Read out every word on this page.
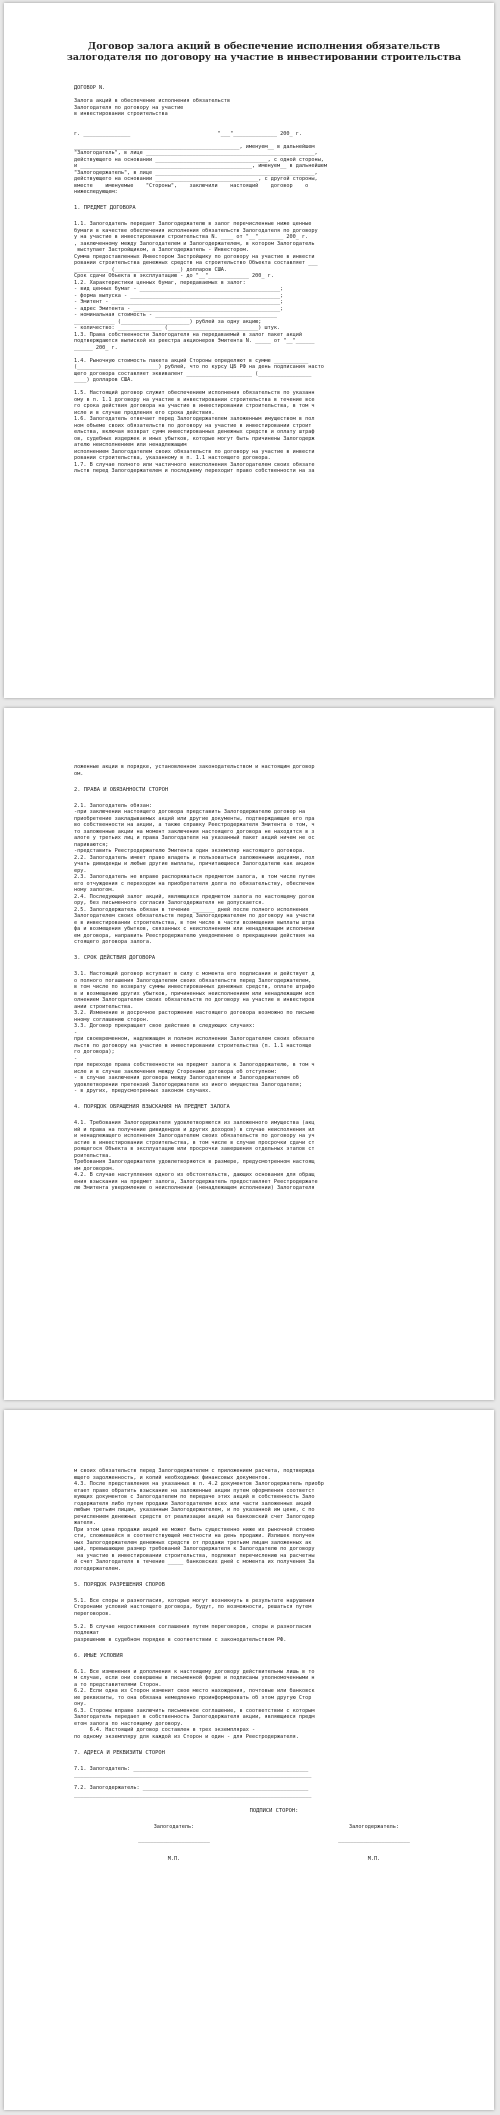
Договор залога акций в обеспечение исполнения обязательств залогодателя по договору на участие в инвестировании строительства
ДОГОВОР N.
Залога акций в обеспечение исполнения обязательств
Залогодателя по договору на участие
в инвестировании строительства
г. _______________                            "___"______________ 200_ г.
_____________________________________________________, именуем__ в дальнейшем
"Залогодатель", в лице ______________________________________________________,
действующего на основании ____________________________________, с одной стороны,
и _______________________________________________________, именуем__ в дальнейшем
"Залогодержатель", в лице ___________________________________________________,
действующего на основании _________________________________, с другой стороны,
вместе    именуемые    "Стороны",    заключили    настоящий    договор    о
нижеследующем:
1. ПРЕДМЕТ ДОГОВОРА
1.1. Залогодатель передает Залогодержателю в залог перечисленные ниже ценные
бумаги в качестве обеспечения исполнения обязательств Залогодателя по договору
у на участие в инвестировании строительства N. ____ от "__"________ 200_ г.
, заключенному между Залогодателем и Залогодержателем, в котором Залогодатель
выступает Застройщиком, а Залогодержатель - Инвестором.
Сумма предоставленных Инвестором Застройщику по договору на участие в инвести
ровании строительства денежных средств на строительство Объекта составляет ___
___________ (_____________________) долларов США.
Срок сдачи Объекта в эксплуатацию - до "__"_____________ 200_ г.
1.2. Характеристики ценных бумаг, передаваемых в залог:
- вид ценных бумаг - _____________________________________________;
- форма выпуска - ________________________________________________;
- Эмитент - ______________________________________________________;
- адрес Эмитента - _______________________________________________;
- номинальная стоимость - _______________________________________
_____________ (______________________) рублей за одну акцию;
- количество: ______________ (_____________________________) штук.
1.3. Права собственности Залогодателя на передаваемый в залог пакет акций
подтверждаются выпиской из реестра акционеров Эмитента N. _____ от "__"______
______ 200_ г.

1.4. Рыночную стоимость пакета акций Стороны определяют в сумме ___________
(__________________________) рублей, что по курсу ЦБ РФ на день подписания насто
щего договора составляет эквивалент _____________________ (_________________
____) долларов США.

1.5. Настоящий договор служит обеспечением исполнения обязательств по указанн
ому в п. 1.1 договору на участие в инвестировании строительства в течение все
го срока действия договора на участие в инвестировании строительства, в том ч
исле и в случае продления его срока действия.
1.6. Залогодатель отвечает перед Залогодержателем заложенным имуществом в пол
ном объеме своих обязательств по договору на участие в инвестировании строит
ельства, включая возврат сумм инвестированных денежных средств и оплату штраф
ов, судебных издержек и иных убытков, которые могут быть причинены Залогодерж
ателю неисполнением или ненадлежащим
исполнением Залогодателем своих обязательств по договору на участие в инвести
ровании строительства, указанному в п. 1.1 настоящего договора.
1.7. В случае полного или частичного неисполнения Залогодателем своих обязате
льств перед Залогодержателем и последнему переходит право собственности на за
ложенные акции в порядке, установленном законодательством и настоящим договор
ом.
2. ПРАВА И ОБЯЗАННОСТИ СТОРОН
2.1. Залогодатель обязан:
-при заключении настоящего договора представить Залогодержателю договор на
приобретение закладываемых акций или другие документы, подтверждающие его пра
во собственности на акции, а также справку Реестродержателя Эмитента о том, ч
то заложенные акции на момент заключения настоящего договора не находятся в з
алоге у третьих лиц и права Залогодателя на указанный пакет акций ничем не ос
париваются;
-представить Реестродержателю Эмитента один экземпляр настоящего договора.
2.2. Залогодатель имеет право владеть и пользоваться заложенными акциями, пол
учать дивиденды и любые другие выплаты, причитающиеся Залогодателю как акцион
еру.
2.3. Залогодатель не вправе распоряжаться предметом залога, в том числе путем
его отчуждения с переходом на приобретателя долга по обязательству, обеспечен
ному залогом.
2.4. Последующий залог акций, являющихся предметом залога по настоящему догов
ору, без письменного согласия Залогодержателя не допускается.
2.5. Залогодержатель обязан в течение _______ дней после полного исполнения
Залогодателем своих обязательств перед Залогодержателем по договору на участи
е в инвестировании строительства, в том числе в части возмещения выплаты штра
фа и возмещения убытков, связанных с неисполнением или ненадлежащим исполнени
ем договора, направить Реестродержателю уведомление о прекращении действия на
стоящего договора залога.
3. СРОК ДЕЙСТВИЯ ДОГОВОРА
3.1. Настоящий договор вступает в силу с момента его подписания и действует д
о полного погашения Залогодателем своих обязательств перед Залогодержателем,
в том числе по возврату суммы инвестированных денежных средств, оплате штрафо
в и возмещению других убытков, причиненных неисполнением или ненадлежащим исп
олнением Залогодателем своих обязательств по договору на участие в инвестиров
ании строительства.
3.2. Изменение и досрочное расторжение настоящего договора возможно по письме
нному соглашению сторон.
3.3. Договор прекращает свое действие в следующих случаях:
-
при своевременном, надлежащем и полном исполнении Залогодателем своих обязате
льств по договору на участие в инвестировании строительства (п. 1.1 настояще
го договора);
-
при переходе права собственности на предмет залога к Залогодержателю, в том ч
исле и в случае заключения между Сторонами договора об отступном:
- в случае заключения договора между Залогодателем и Залогодержателем об
удовлетворении претензий Залогодержателя из иного имущества Залогодателя;
- в других, предусмотренных законом случаях.
4. ПОРЯДОК ОБРАЩЕНИЯ ВЗЫСКАНИЯ НА ПРЕДМЕТ ЗАЛОГА
4.1. Требования Залогодержателя удовлетворяются из заложенного имущества (акц
ий и права на получение дивидендов и других доходов) в случае неисполнения ил
и ненадлежащего исполнения Залогодателем своих обязательств по договору на уч
астие в инвестировании строительства, в том числе в случае просрочки сдачи ст
роящегося Объекта в эксплуатацию или просрочки завершения отдельных этапов ст
роительства.
Требования Залогодержателя удовлетворяются в размере, предусмотренном настоящ
им договором.
4.2. В случае наступления одного из обстоятельств, дающих основания для обращ
ения взыскания на предмет залога, Залогодержатель предоставляет Реестродержате
лю Эмитента уведомление о неисполнении (ненадлежащем исполнении) Залогодателя
м своих обязательств перед Залогодержателем с приложением расчета, подтвержда
ющего задолженность, и копий необходимых финансовых документов.
4.3. После представления на указанных в п. 4.2 документов Залогодержатель приобр
етает право обратить взыскание на заложенные акции путем оформления соответст
вующих документов с Залогодателем по передаче этих акций в собственность Зало
годержателя либо путем продажи Залогодателем всех или части заложенных акций
любым третьим лицам, указанным Залогодержателем, и по указанной им цене, с по
речислением денежных средств от реализации акций на банковский счет Залогодер
жателя.
При этом цена продажи акций не может быть существенно ниже их рыночной стоимо
сти, сложившейся в соответствующей местности на день продажи. Излишек получен
ных Залогодержателем денежных средств от продажи третьим лицам заложенных ак
ций, превышающие размер требований Залогодержателя к Залогодателю по договору
на участие в инвестировании строительства, подлежат перечислению на расчетны
й счет Залогодателя в течение _____ банковских дней с момента их получения За
логодержателем.
5. ПОРЯДОК РАЗРЕШЕНИЯ СПОРОВ
5.1. Все споры и разногласия, которые могут возникнуть в результате нарушения
Сторонами условий настоящего договора, будут, по возможности, решаться путем
переговоров.

5.2. В случае недостижения соглашения путем переговоров, споры и разногласия
подлежат
разрешению в судебном порядке в соответствии с законодательством РФ.
6. ИНЫЕ УСЛОВИЯ
6.1. Все изменения и дополнения к настоящему договору действительны лишь в то
м случае, если они совершены в письменной форме и подписаны уполномоченными н
а то представителями Сторон.
6.2. Если одна из Сторон изменит свое место нахождения, почтовые или банковск
ие реквизиты, то она обязана немедленно проинформировать об этом другую Стор
ону.
6.3. Стороны вправе заключить письменное соглашение, в соответствии с которым
Залогодатель передает в собственность Залогодержателя акции, являющиеся предм
етом залога по настоящему договору.
6.4. Настоящий договор составлен в трех экземплярах -
по одному экземпляру для каждой из Сторон и один - для Реестродержателя.
7. АДРЕСА И РЕКВИЗИТЫ СТОРОН
7.1. Залогодатель: ________________________________________________________
____________________________________________________________________________
7.2. Залогодержатель: _____________________________________________________
____________________________________________________________________________
ПОДПИСИ СТОРОН:
Залогодатель:
_______________________
М.П.
Залогодержатель:
_______________________
М.П.
